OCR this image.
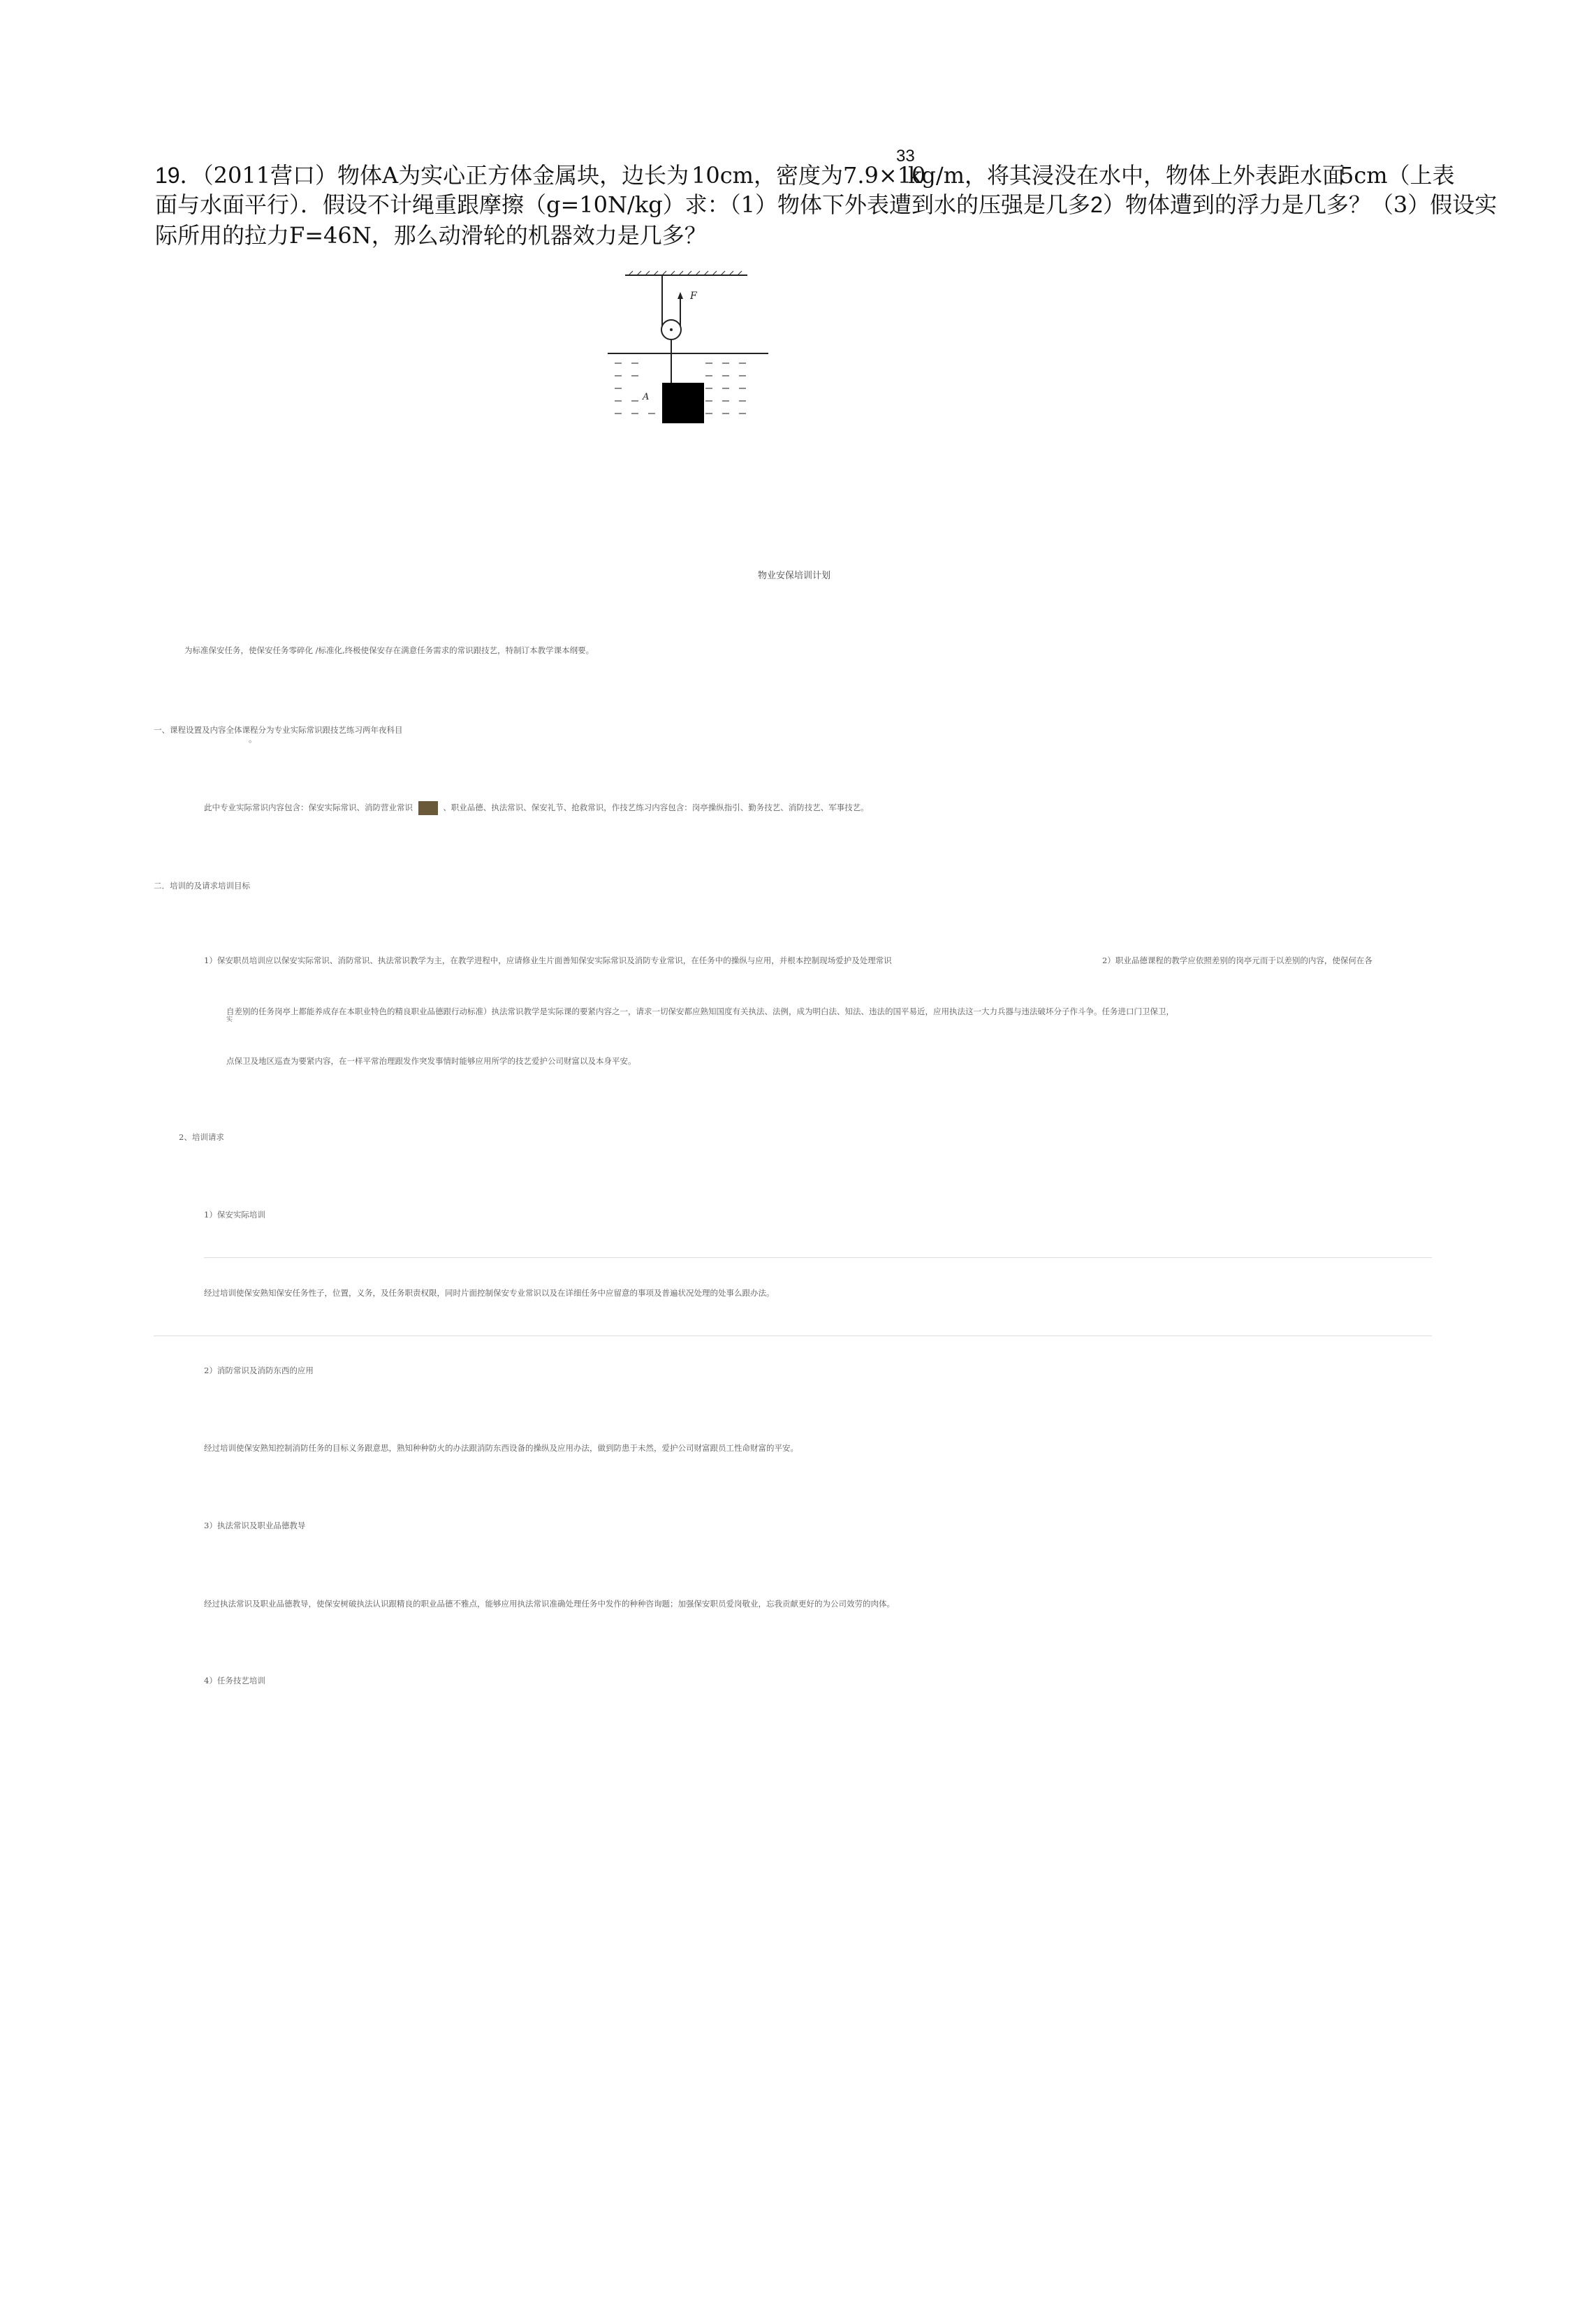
19．（2011营口）物体A为实心正方体金属块，边长为 10cm，密度为7.9×10
33
kg/m，将其浸没在水中，物体上外表距水面
5cm（上表
面与水面平行）．假设不计绳重跟摩擦（g=10N/kg）求：（1）物体下外表遭到水的压强是几多2）物体遭到的浮力是几多？（3）假设实
际所用的拉力F=46N，那么动滑轮的机器效力是几多？
F
A
物业安保培训计划
为标准保安任务，使保安任务零碎化 /标准化,终极使保安存在满意任务需求的常识跟技艺，特制订本教学课本纲要。
一、课程设置及内容全体课程分为专业实际常识跟技艺练习两年夜科目
。
此中专业实际常识内容包含：保安实际常识、消防营业常识	、职业品德、执法常识、保安礼节、抢救常识，作技艺练习内容包含：岗亭操纵指引、勤务技艺、消防技艺、军事技艺。
二．培训的及请求培训目标
1）保安职员培训应以保安实际常识、消防常识、执法常识教学为主，在教学进程中，应请修业生片面善知保安实际常识及消防专业常识，在任务中的操纵与应用，并根本控制现场爱护及处理常识	2）职业品德课程的教学应依照差别的岗亭元而于以差别的内容，使保何在各
自差别的任务岗亭上都能养成存在本职业特色的精良职业品德跟行动标准）执法常识教学是实际课的要紧内容之一，请求一切保安都应熟知国度有关执法、法例，成为明白法、知法、违法的国平易近，应用执法这一大力兵器与违法破坏分子作斗争。任务进口门卫保卫，
实
点保卫及地区巡查为要紧内容，在一样平常治理跟发作突发事情时能够应用所学的技艺爱护公司财富以及本身平安。
2、培训请求
1）保安实际培训
经过培训使保安熟知保安任务性子，位置，义务，及任务职责权限，同时片面控制保安专业常识以及在详细任务中应留意的事项及普遍状况处理的处事么跟办法。
2）消防常识及消防东西的应用
经过培训使保安熟知控制消防任务的目标义务跟意思，熟知种种防火的办法跟消防东西设备的操纵及应用办法，做到防患于未然，爱护公司财富跟员工性命财富的平安。
3）执法常识及职业品德教导
经过执法常识及职业品德教导，使保安树破执法认识跟精良的职业品德不雅点，能够应用执法常识准确处理任务中发作的种种咨询题；加强保安职员爱岗敬业，忘我贡献更好的为公司效劳的肉体。
4）任务技艺培训
